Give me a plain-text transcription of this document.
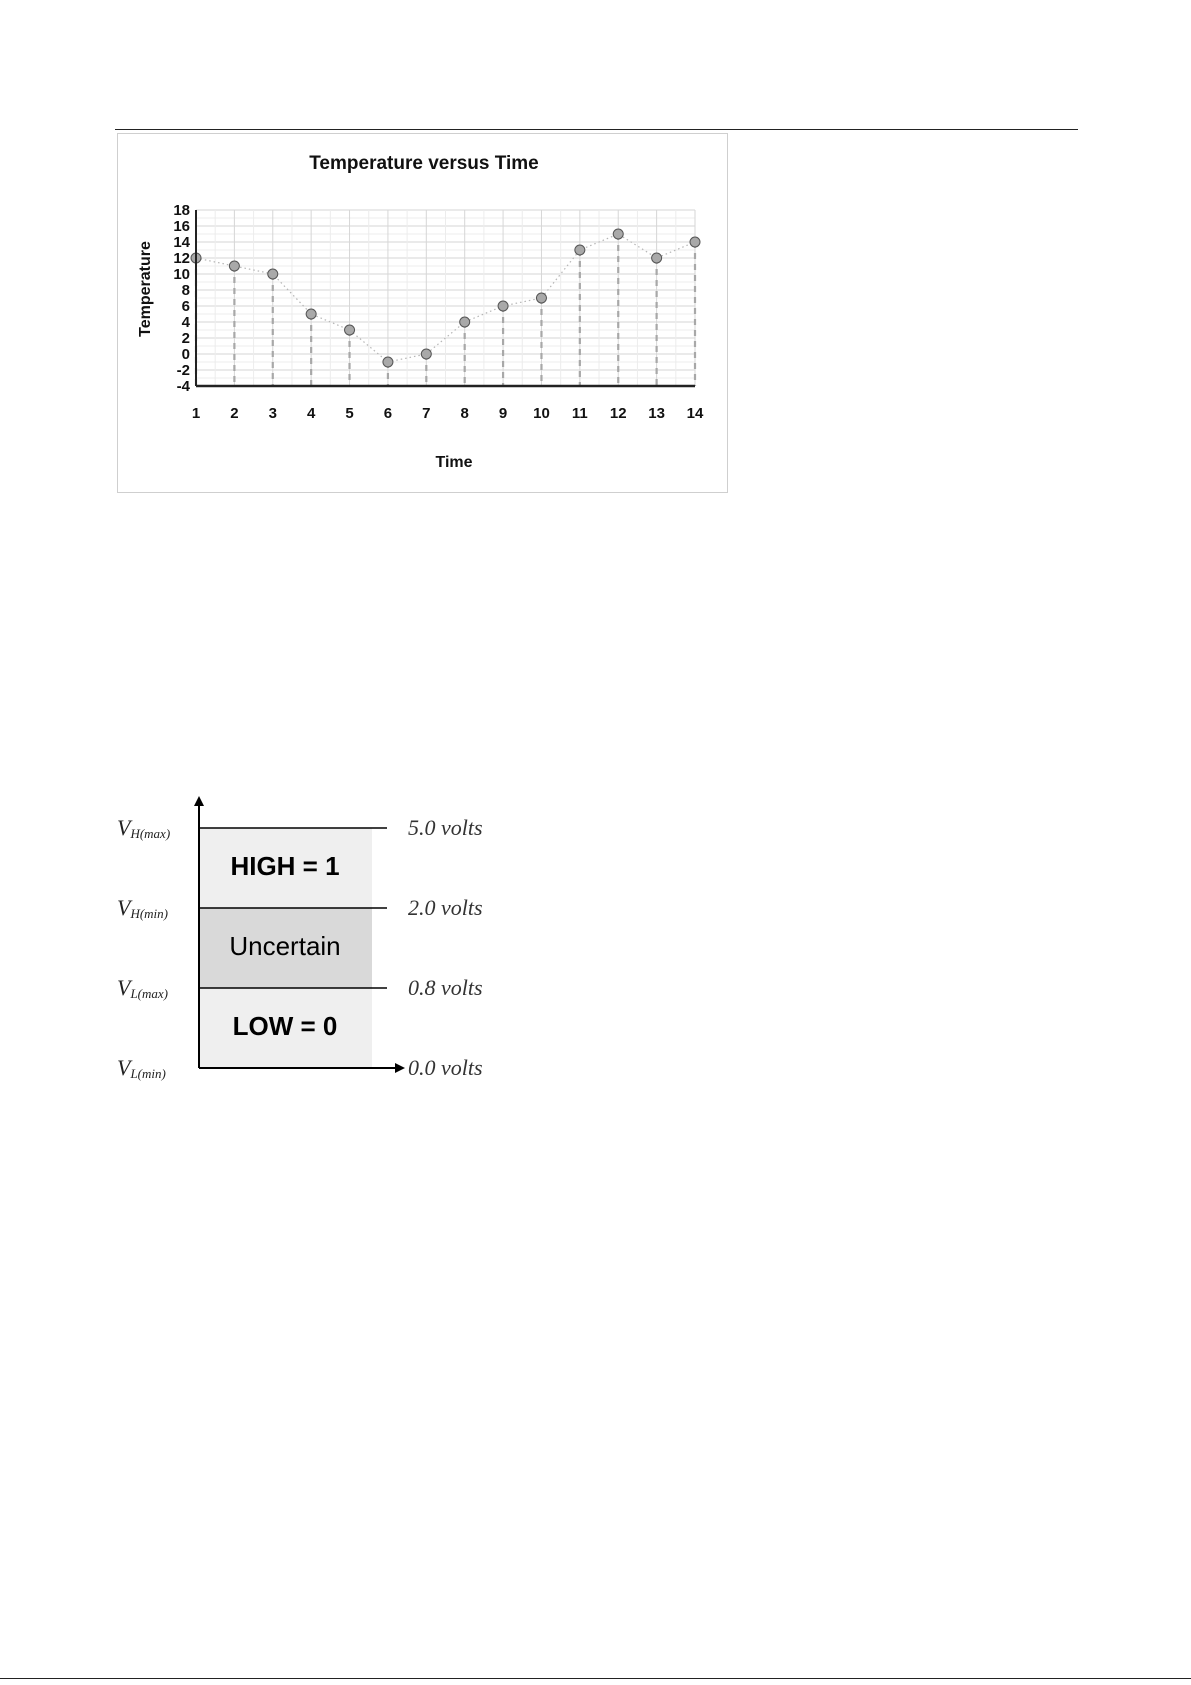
Temperature versus Time
18
16
14
12
10
8
6
4
2
0
-2
-4
1 2 3 4 5 6 7 8 9 10 11 12 13 14
Time
Temperature
HIGH = 1
Uncertain
LOW = 0
VH(max)
VH(min)
VL(max)
VL(min)
5.0 volts
2.0 volts
0.8 volts
0.0 volts
